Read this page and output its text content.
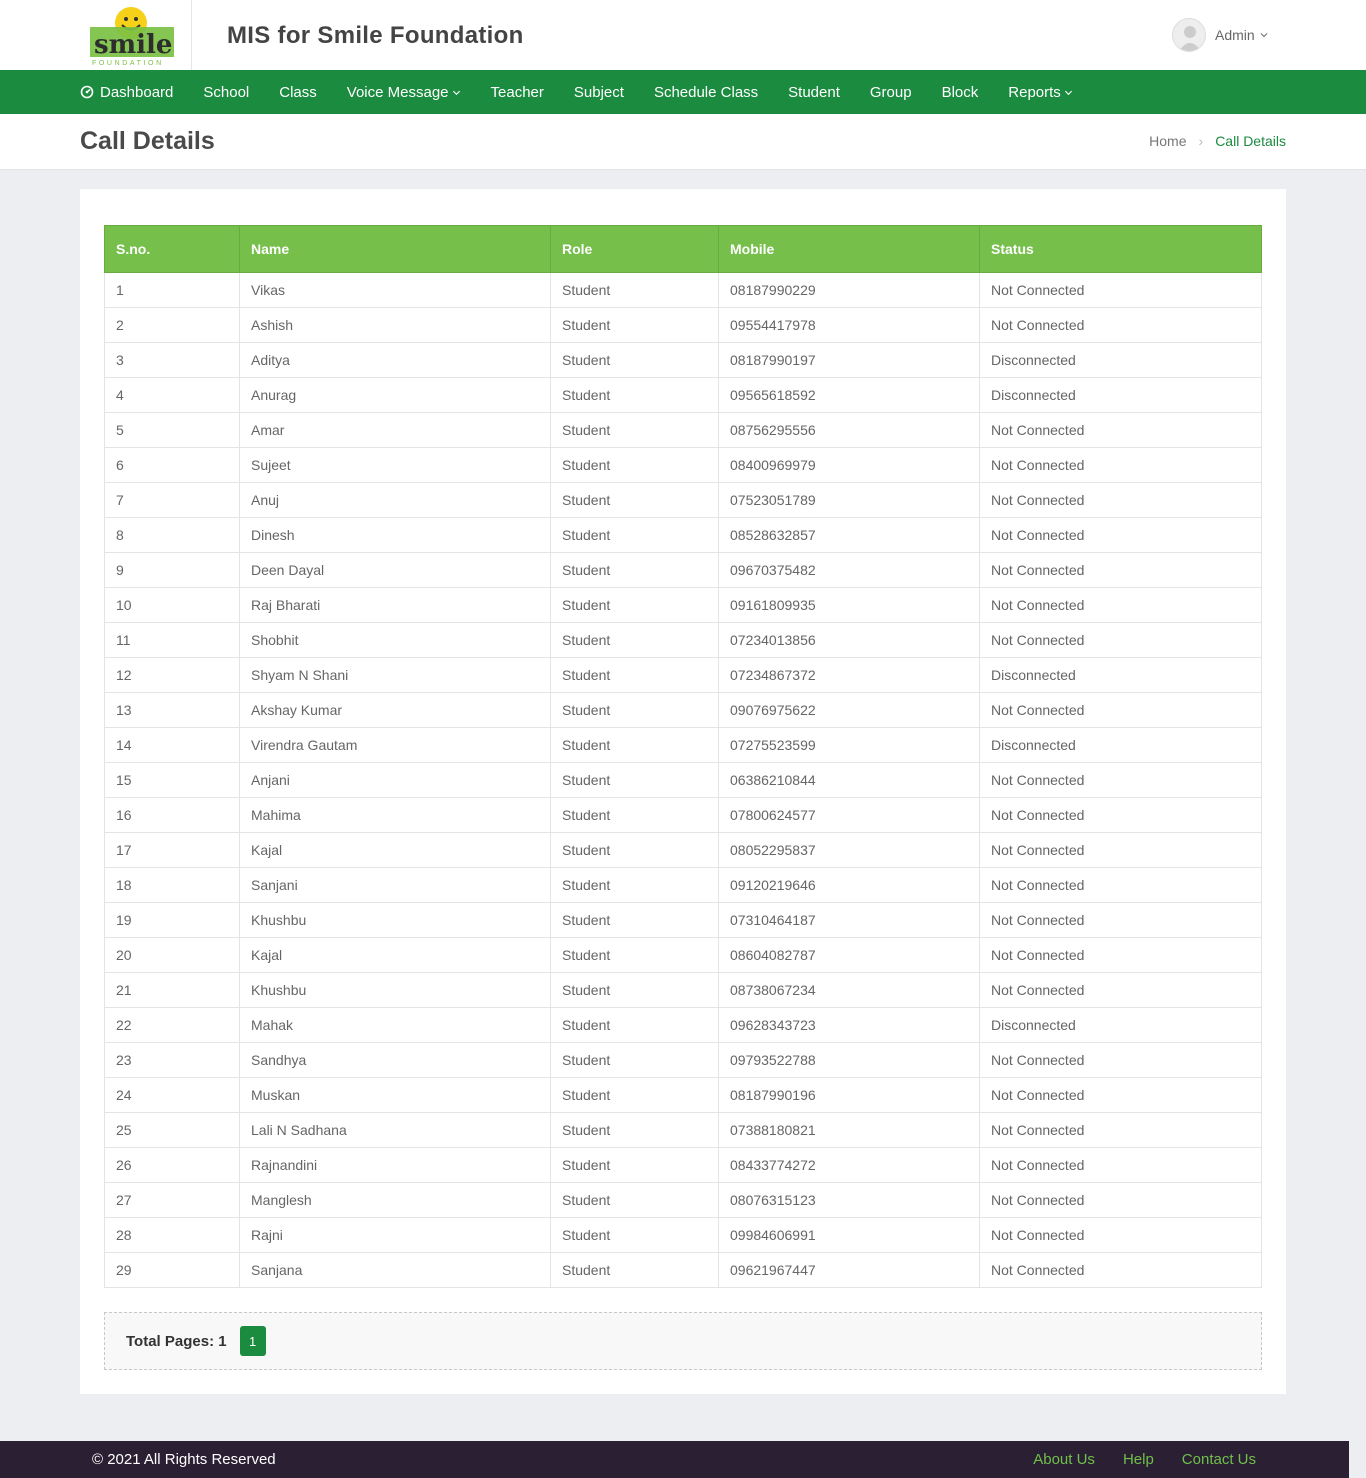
smile
FOUNDATION
MIS for Smile Foundation	Admin
Dashboard School Class Voice Message	Teacher Subject Schedule Class Student Group Block Reports
Call Details	Home › Call Details
S.no.	Name	Role	Mobile	Status
1	Vikas	Student	08187990229	Not Connected
2	Ashish	Student	09554417978	Not Connected
3	Aditya	Student	08187990197	Disconnected
4	Anurag	Student	09565618592	Disconnected
5	Amar	Student	08756295556	Not Connected
6	Sujeet	Student	08400969979	Not Connected
7	Anuj	Student	07523051789	Not Connected
8	Dinesh	Student	08528632857	Not Connected
9	Deen Dayal	Student	09670375482	Not Connected
10	Raj Bharati	Student	09161809935	Not Connected
11	Shobhit	Student	07234013856	Not Connected
12	Shyam N Shani	Student	07234867372	Disconnected
13	Akshay Kumar	Student	09076975622	Not Connected
14	Virendra Gautam	Student	07275523599	Disconnected
15	Anjani	Student	06386210844	Not Connected
16	Mahima	Student	07800624577	Not Connected
17	Kajal	Student	08052295837	Not Connected
18	Sanjani	Student	09120219646	Not Connected
19	Khushbu	Student	07310464187	Not Connected
20	Kajal	Student	08604082787	Not Connected
21	Khushbu	Student	08738067234	Not Connected
22	Mahak	Student	09628343723	Disconnected
23	Sandhya	Student	09793522788	Not Connected
24	Muskan	Student	08187990196	Not Connected
25	Lali N Sadhana	Student	07388180821	Not Connected
26	Rajnandini	Student	08433774272	Not Connected
27	Manglesh	Student	08076315123	Not Connected
28	Rajni	Student	09984606991	Not Connected
29	Sanjana	Student	09621967447	Not Connected
Total Pages: 1	1
© 2021 All Rights Reserved	About Us Help Contact Us
